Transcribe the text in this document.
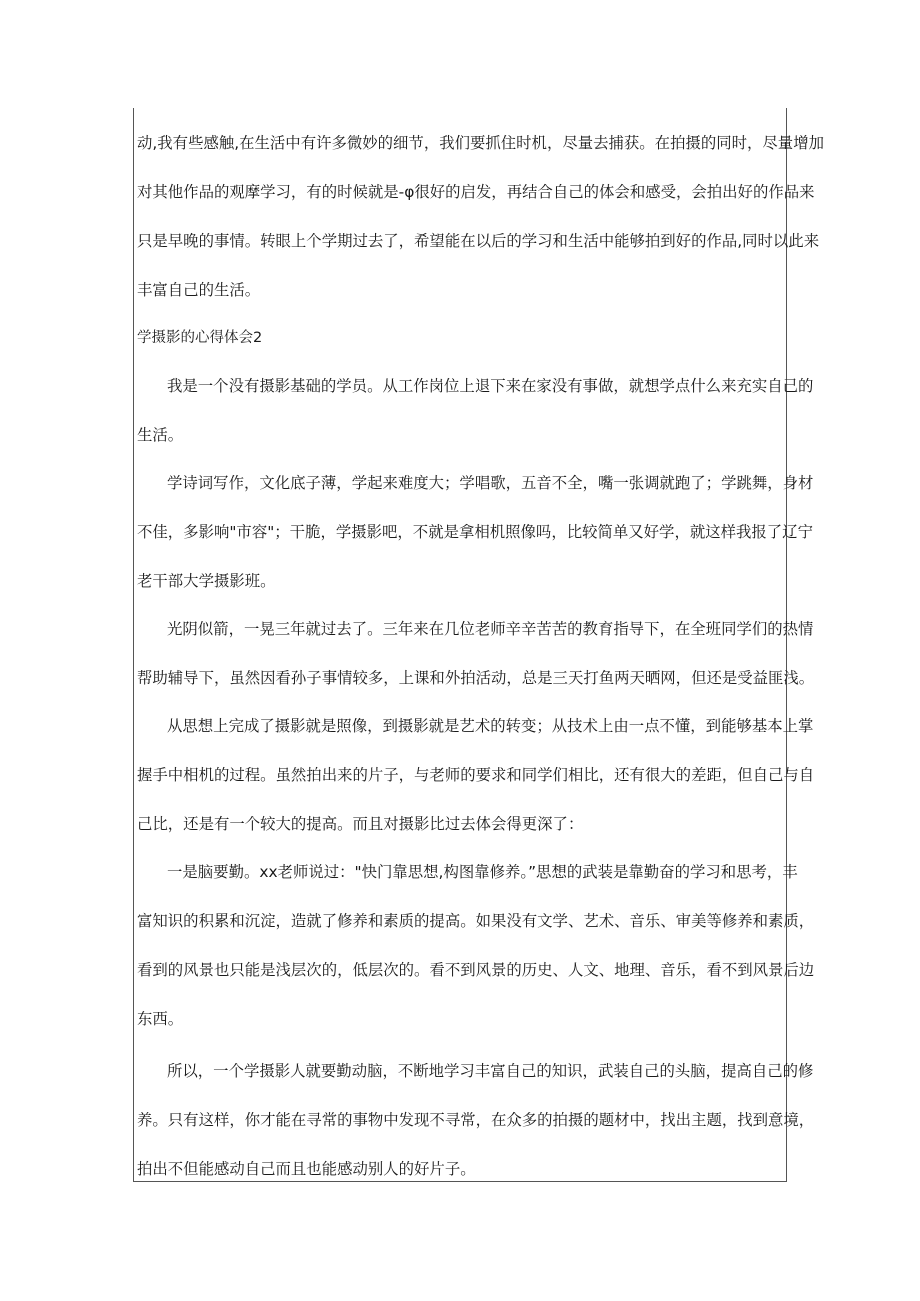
动,我有些感触,在生活中有许多微妙的细节，我们要抓住时机，尽量去捕获。在拍摄的同时，尽量增加

对其他作品的观摩学习，有的时候就是-φ很好的启发，再结合自己的体会和感受，会拍出好的作品来

只是早晚的事情。转眼上个学期过去了，希望能在以后的学习和生活中能够拍到好的作品,同时以此来

丰富自己的生活。

学摄影的心得体会2

我是一个没有摄影基础的学员。从工作岗位上退下来在家没有事做，就想学点什么来充实自己的

生活。

学诗词写作，文化底子薄，学起来难度大；学唱歌，五音不全，嘴一张调就跑了；学跳舞，身材

不佳，多影响"市容"；干脆，学摄影吧，不就是拿相机照像吗，比较简单又好学，就这样我报了辽宁

老干部大学摄影班。

光阴似箭，一晃三年就过去了。三年来在几位老师辛辛苦苦的教育指导下，在全班同学们的热情

帮助辅导下，虽然因看孙子事情较多，上课和外拍活动，总是三天打鱼两天晒网，但还是受益匪浅。

从思想上完成了摄影就是照像，到摄影就是艺术的转变；从技术上由一点不懂，到能够基本上掌

握手中相机的过程。虽然拍出来的片子，与老师的要求和同学们相比，还有很大的差距，但自己与自

己比，还是有一个较大的提高。而且对摄影比过去体会得更深了：

一是脑要勤。xx老师说过："快门靠思想,构图靠修养。”思想的武装是靠勤奋的学习和思考，丰

富知识的积累和沉淀，造就了修养和素质的提高。如果没有文学、艺术、音乐、审美等修养和素质，

看到的风景也只能是浅层次的，低层次的。看不到风景的历史、人文、地理、音乐，看不到风景后边

东西。

所以，一个学摄影人就要勤动脑，不断地学习丰富自己的知识，武装自己的头脑，提高自己的修

养。只有这样，你才能在寻常的事物中发现不寻常，在众多的拍摄的题材中，找出主题，找到意境，

拍出不但能感动自己而且也能感动别人的好片子。
